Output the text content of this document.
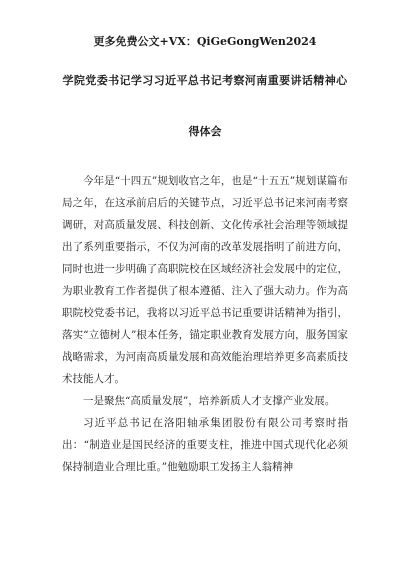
更多免费公文+VX：QiGeGongWen2024
学院党委书记学习习近平总书记考察河南重要讲话精神心
得体会

今年是“十四五”规划收官之年，也是“十五五”规划谋篇布局之年，在这承前启后的关键节点，习近平总书记来河南考察调研，对高质量发展、科技创新、文化传承社会治理等领域提出了系列重要指示，不仅为河南的改革发展指明了前进方向，同时也进一步明确了高职院校在区域经济社会发展中的定位，为职业教育工作者提供了根本遵循、注入了强大动力。作为高职院校党委书记，我将以习近平总书记重要讲话精神为指引，落实“立德树人”根本任务，锚定职业教育发展方向，服务国家战略需求，为河南高质量发展和高效能治理培养更多高素质技术技能人才。

一是聚焦“高质量发展”，培养新质人才支撑产业发展。

习近平总书记在洛阳轴承集团股份有限公司考察时指出：“制造业是国民经济的重要支柱，推进中国式现代化必须保持制造业合理比重。”他勉励职工发扬主人翁精神
